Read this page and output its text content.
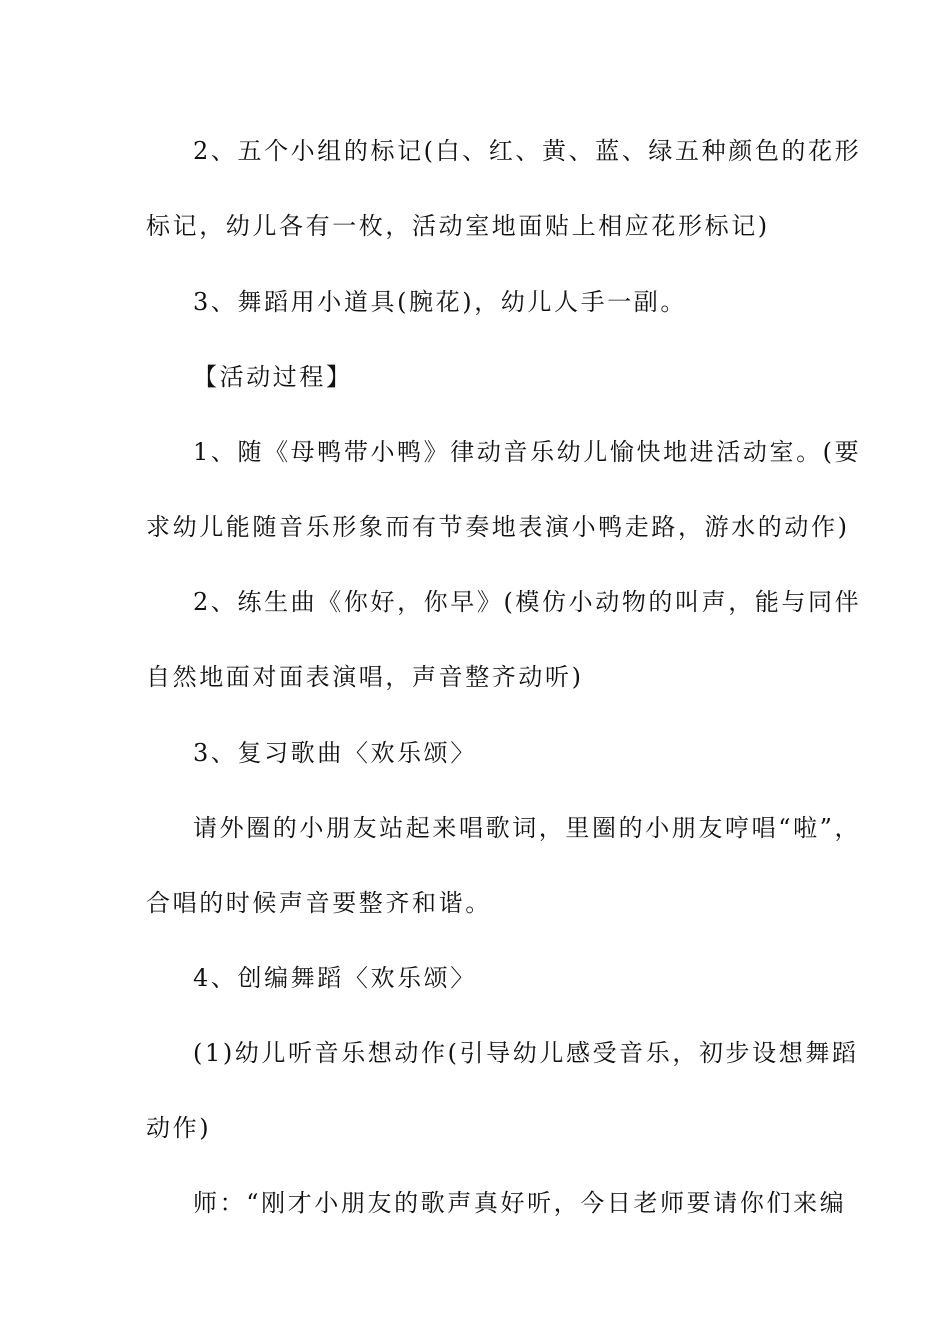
2、五个小组的标记(白、红、黄、蓝、绿五种颜色的花形
标记，幼儿各有一枚，活动室地面贴上相应花形标记)
3、舞蹈用小道具(腕花)，幼儿人手一副。
【活动过程】
1、随《母鸭带小鸭》律动音乐幼儿愉快地进活动室。(要
求幼儿能随音乐形象而有节奏地表演小鸭走路，游水的动作)
2、练生曲《你好，你早》(模仿小动物的叫声，能与同伴
自然地面对面表演唱，声音整齐动听)
3、复习歌曲〈欢乐颂〉
请外圈的小朋友站起来唱歌词，里圈的小朋友哼唱“啦”，
合唱的时候声音要整齐和谐。
4、创编舞蹈〈欢乐颂〉
(1)幼儿听音乐想动作(引导幼儿感受音乐，初步设想舞蹈
动作)
师：“刚才小朋友的歌声真好听，今日老师要请你们来编
